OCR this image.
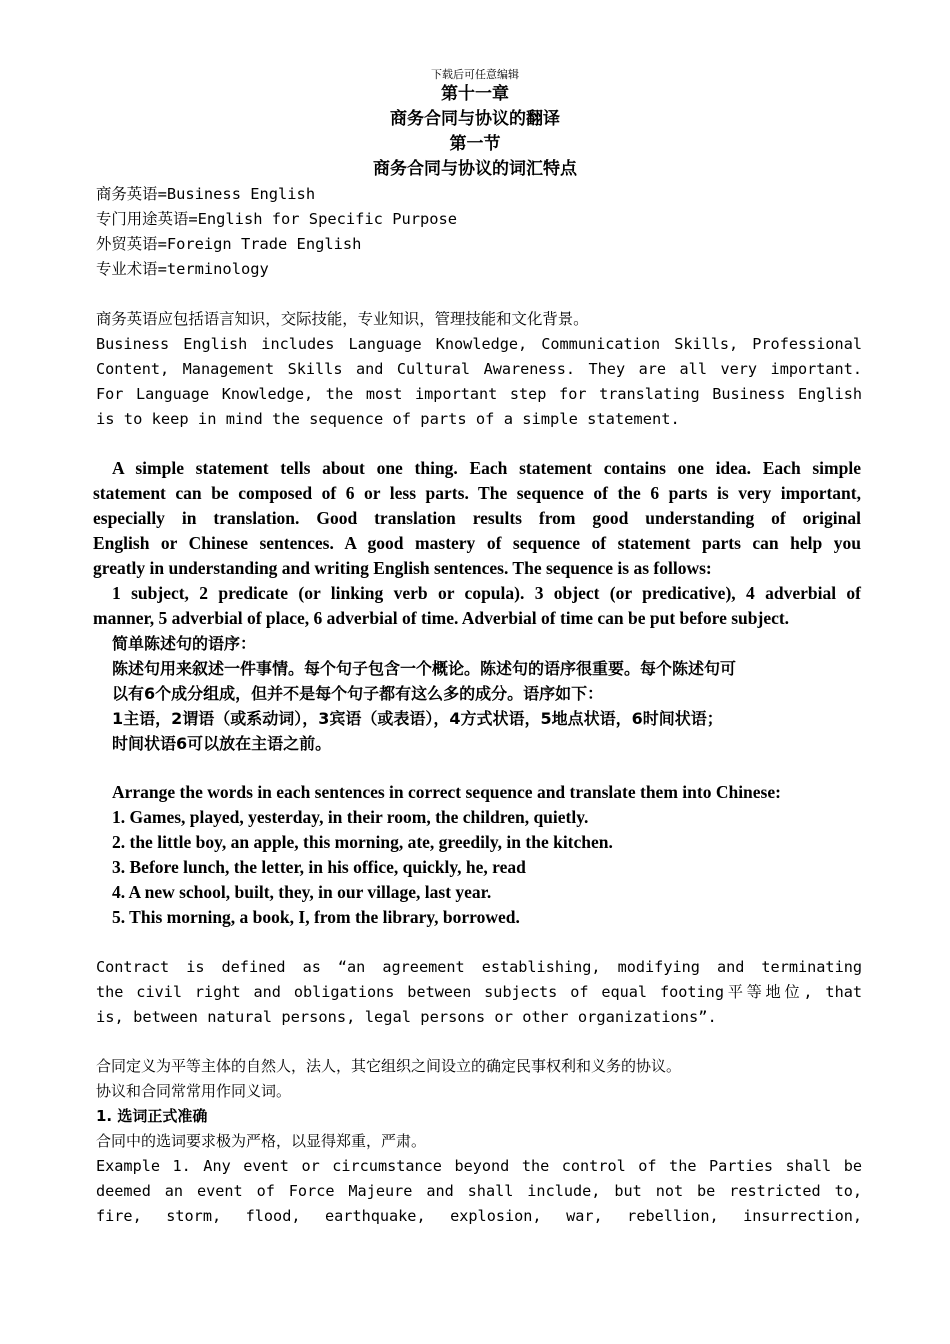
下载后可任意编辑
第十一章
商务合同与协议的翻译
第一节
商务合同与协议的词汇特点
商务英语=Business English
专门用途英语=English for Specific Purpose
外贸英语=Foreign Trade English
专业术语=terminology
商务英语应包括语言知识，交际技能，专业知识，管理技能和文化背景。
Business English includes Language Knowledge, Communication Skills, Professional
Content, Management Skills and Cultural Awareness. They are all very important.
For Language Knowledge, the most important step for translating Business English
is to keep in mind the sequence of parts of a simple statement.
A simple statement tells about one thing. Each statement contains one idea. Each simple
statement can be composed of 6 or less parts. The sequence of the 6 parts is very important,
especially in translation. Good translation results from good understanding of original
English or Chinese sentences. A good mastery of sequence of statement parts can help you
greatly in understanding and writing English sentences. The sequence is as follows:
1 subject, 2 predicate (or linking verb or copula). 3 object (or predicative), 4 adverbial of
manner, 5 adverbial of place, 6 adverbial of time. Adverbial of time can be put before subject.
简单陈述句的语序：
陈述句用来叙述一件事情。每个句子包含一个概论。陈述句的语序很重要。每个陈述句可
以有6个成分组成，但并不是每个句子都有这么多的成分。语序如下：
1主语，2谓语（或系动词），3宾语（或表语），4方式状语，5地点状语，6时间状语；
时间状语6可以放在主语之前。
Arrange the words in each sentences in correct sequence and translate them into Chinese:
1. Games, played, yesterday, in their room, the children, quietly.
2. the little boy, an apple, this morning, ate, greedily, in the kitchen.
3. Before lunch, the letter, in his office, quickly, he, read
4. A new school, built, they, in our village, last year.
5. This morning, a book, I, from the library, borrowed.
Contract is defined as “an agreement establishing, modifying and terminating
the civil right and obligations between subjects of equal footing平等地位, that
is, between natural persons, legal persons or other organizations”.
合同定义为平等主体的自然人，法人，其它组织之间设立的确定民事权利和义务的协议。
协议和合同常常用作同义词。
1. 选词正式准确
合同中的选词要求极为严格，以显得郑重，严肃。
Example 1. Any event or circumstance beyond the control of the Parties shall be
deemed an event of Force Majeure and shall include, but not be restricted to,
fire, storm, flood, earthquake, explosion, war, rebellion, insurrection,
